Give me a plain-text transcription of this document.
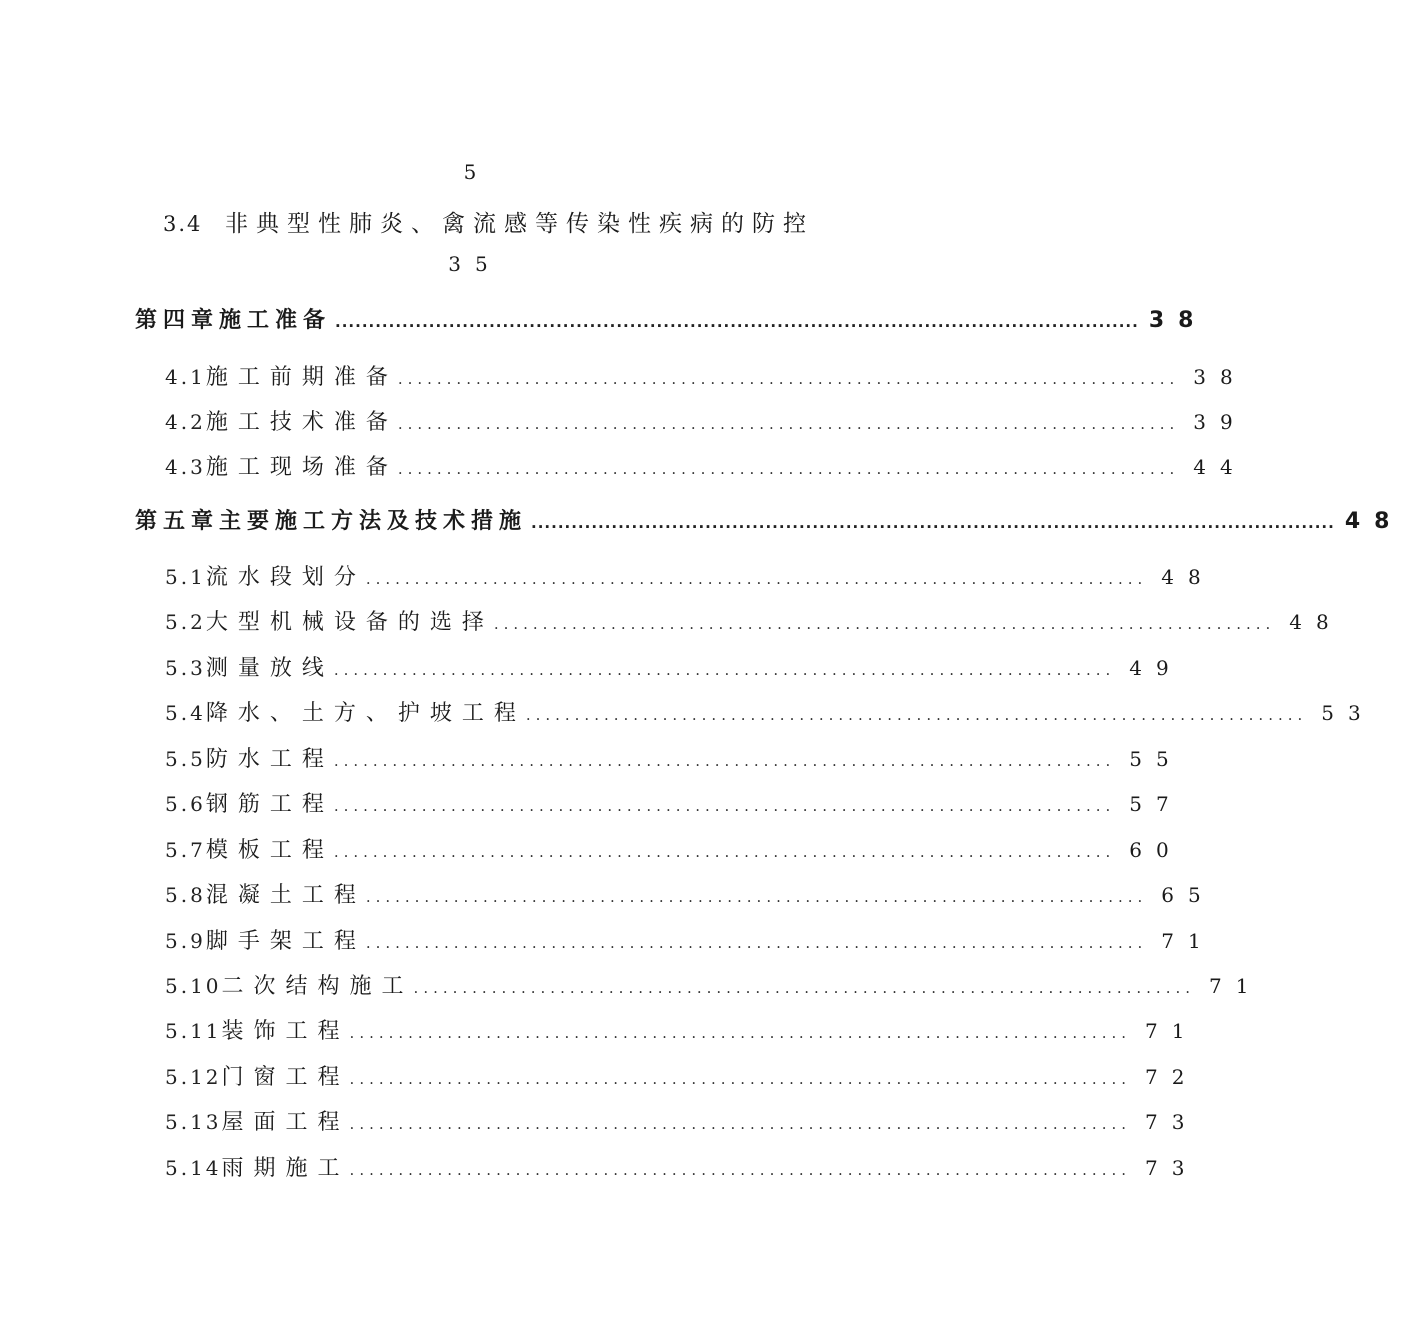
5
3.4 非典型性肺炎、禽流感等传染性疾病的防控
35
第四章 施工准备 ........................................................................................................................ 38
4.1 施工前期准备 ................................................................................ 38
4.2 施工技术准备 ................................................................................ 39
4.3 施工现场准备 ................................................................................ 44
第五章 主要施工方法及技术措施 ........................................................................................................................ 48
5.1 流水段划分 ................................................................................ 48
5.2 大型机械设备的选择 ................................................................................ 48
5.3 测量放线 ................................................................................ 49
5.4 降水、土方、护坡工程 ................................................................................ 53
5.5 防水工程 ................................................................................ 55
5.6 钢筋工程 ................................................................................ 57
5.7 模板工程 ................................................................................ 60
5.8 混凝土工程 ................................................................................ 65
5.9 脚手架工程 ................................................................................ 71
5.10 二次结构施工 ................................................................................ 71
5.11 装饰工程 ................................................................................ 71
5.12 门窗工程 ................................................................................ 72
5.13 屋面工程 ................................................................................ 73
5.14 雨期施工 ................................................................................ 73
